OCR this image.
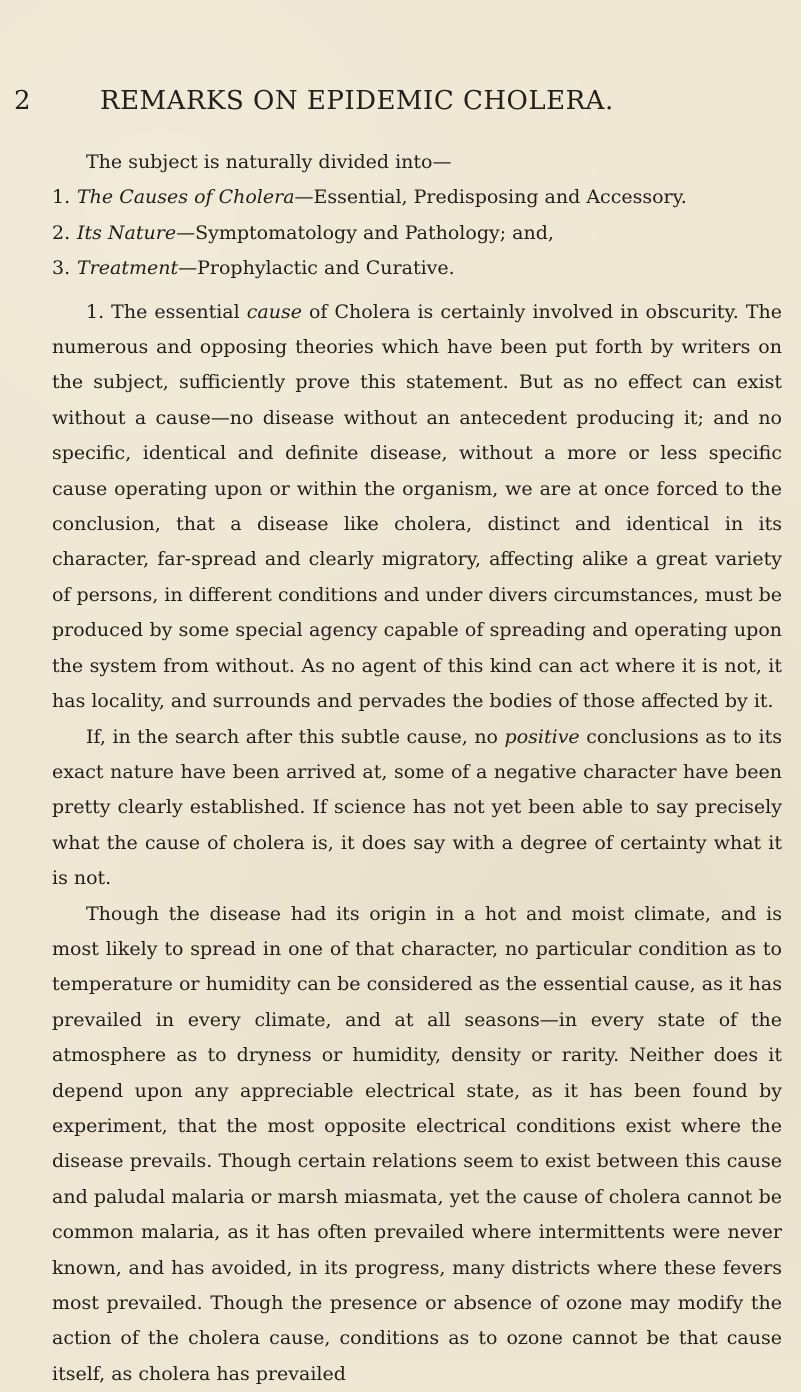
2	REMARKS ON EPIDEMIC CHOLERA.

The subject is naturally divided into—

1. The Causes of Cholera—Essential, Predisposing and Accessory.
2. Its Nature—Symptomatology and Pathology; and,
3. Treatment—Prophylactic and Curative.

1. The essential cause of Cholera is certainly involved in obscurity. The numerous and opposing theories which have been put forth by writers on the subject, sufficiently prove this statement. But as no effect can exist without a cause—no disease without an antecedent producing it; and no specific, identical and definite disease, without a more or less specific cause operating upon or within the organism, we are at once forced to the conclusion, that a disease like cholera, distinct and identical in its character, far-spread and clearly migratory, affecting alike a great variety of persons, in different conditions and under divers circumstances, must be produced by some special agency capable of spreading and operating upon the system from without. As no agent of this kind can act where it is not, it has locality, and surrounds and pervades the bodies of those affected by it.

If, in the search after this subtle cause, no positive conclusions as to its exact nature have been arrived at, some of a negative character have been pretty clearly established. If science has not yet been able to say precisely what the cause of cholera is, it does say with a degree of certainty what it is not.

Though the disease had its origin in a hot and moist climate, and is most likely to spread in one of that character, no particular condition as to temperature or humidity can be considered as the essential cause, as it has prevailed in every climate, and at all seasons—in every state of the atmosphere as to dryness or humidity, density or rarity. Neither does it depend upon any appreciable electrical state, as it has been found by experiment, that the most opposite electrical conditions exist where the disease prevails. Though certain relations seem to exist between this cause and paludal malaria or marsh miasmata, yet the cause of cholera cannot be common malaria, as it has often prevailed where intermittents were never known, and has avoided, in its progress, many districts where these fevers most prevailed. Though the presence or absence of ozone may modify the action of the cholera cause, conditions as to ozone cannot be that cause itself, as cholera has prevailed
